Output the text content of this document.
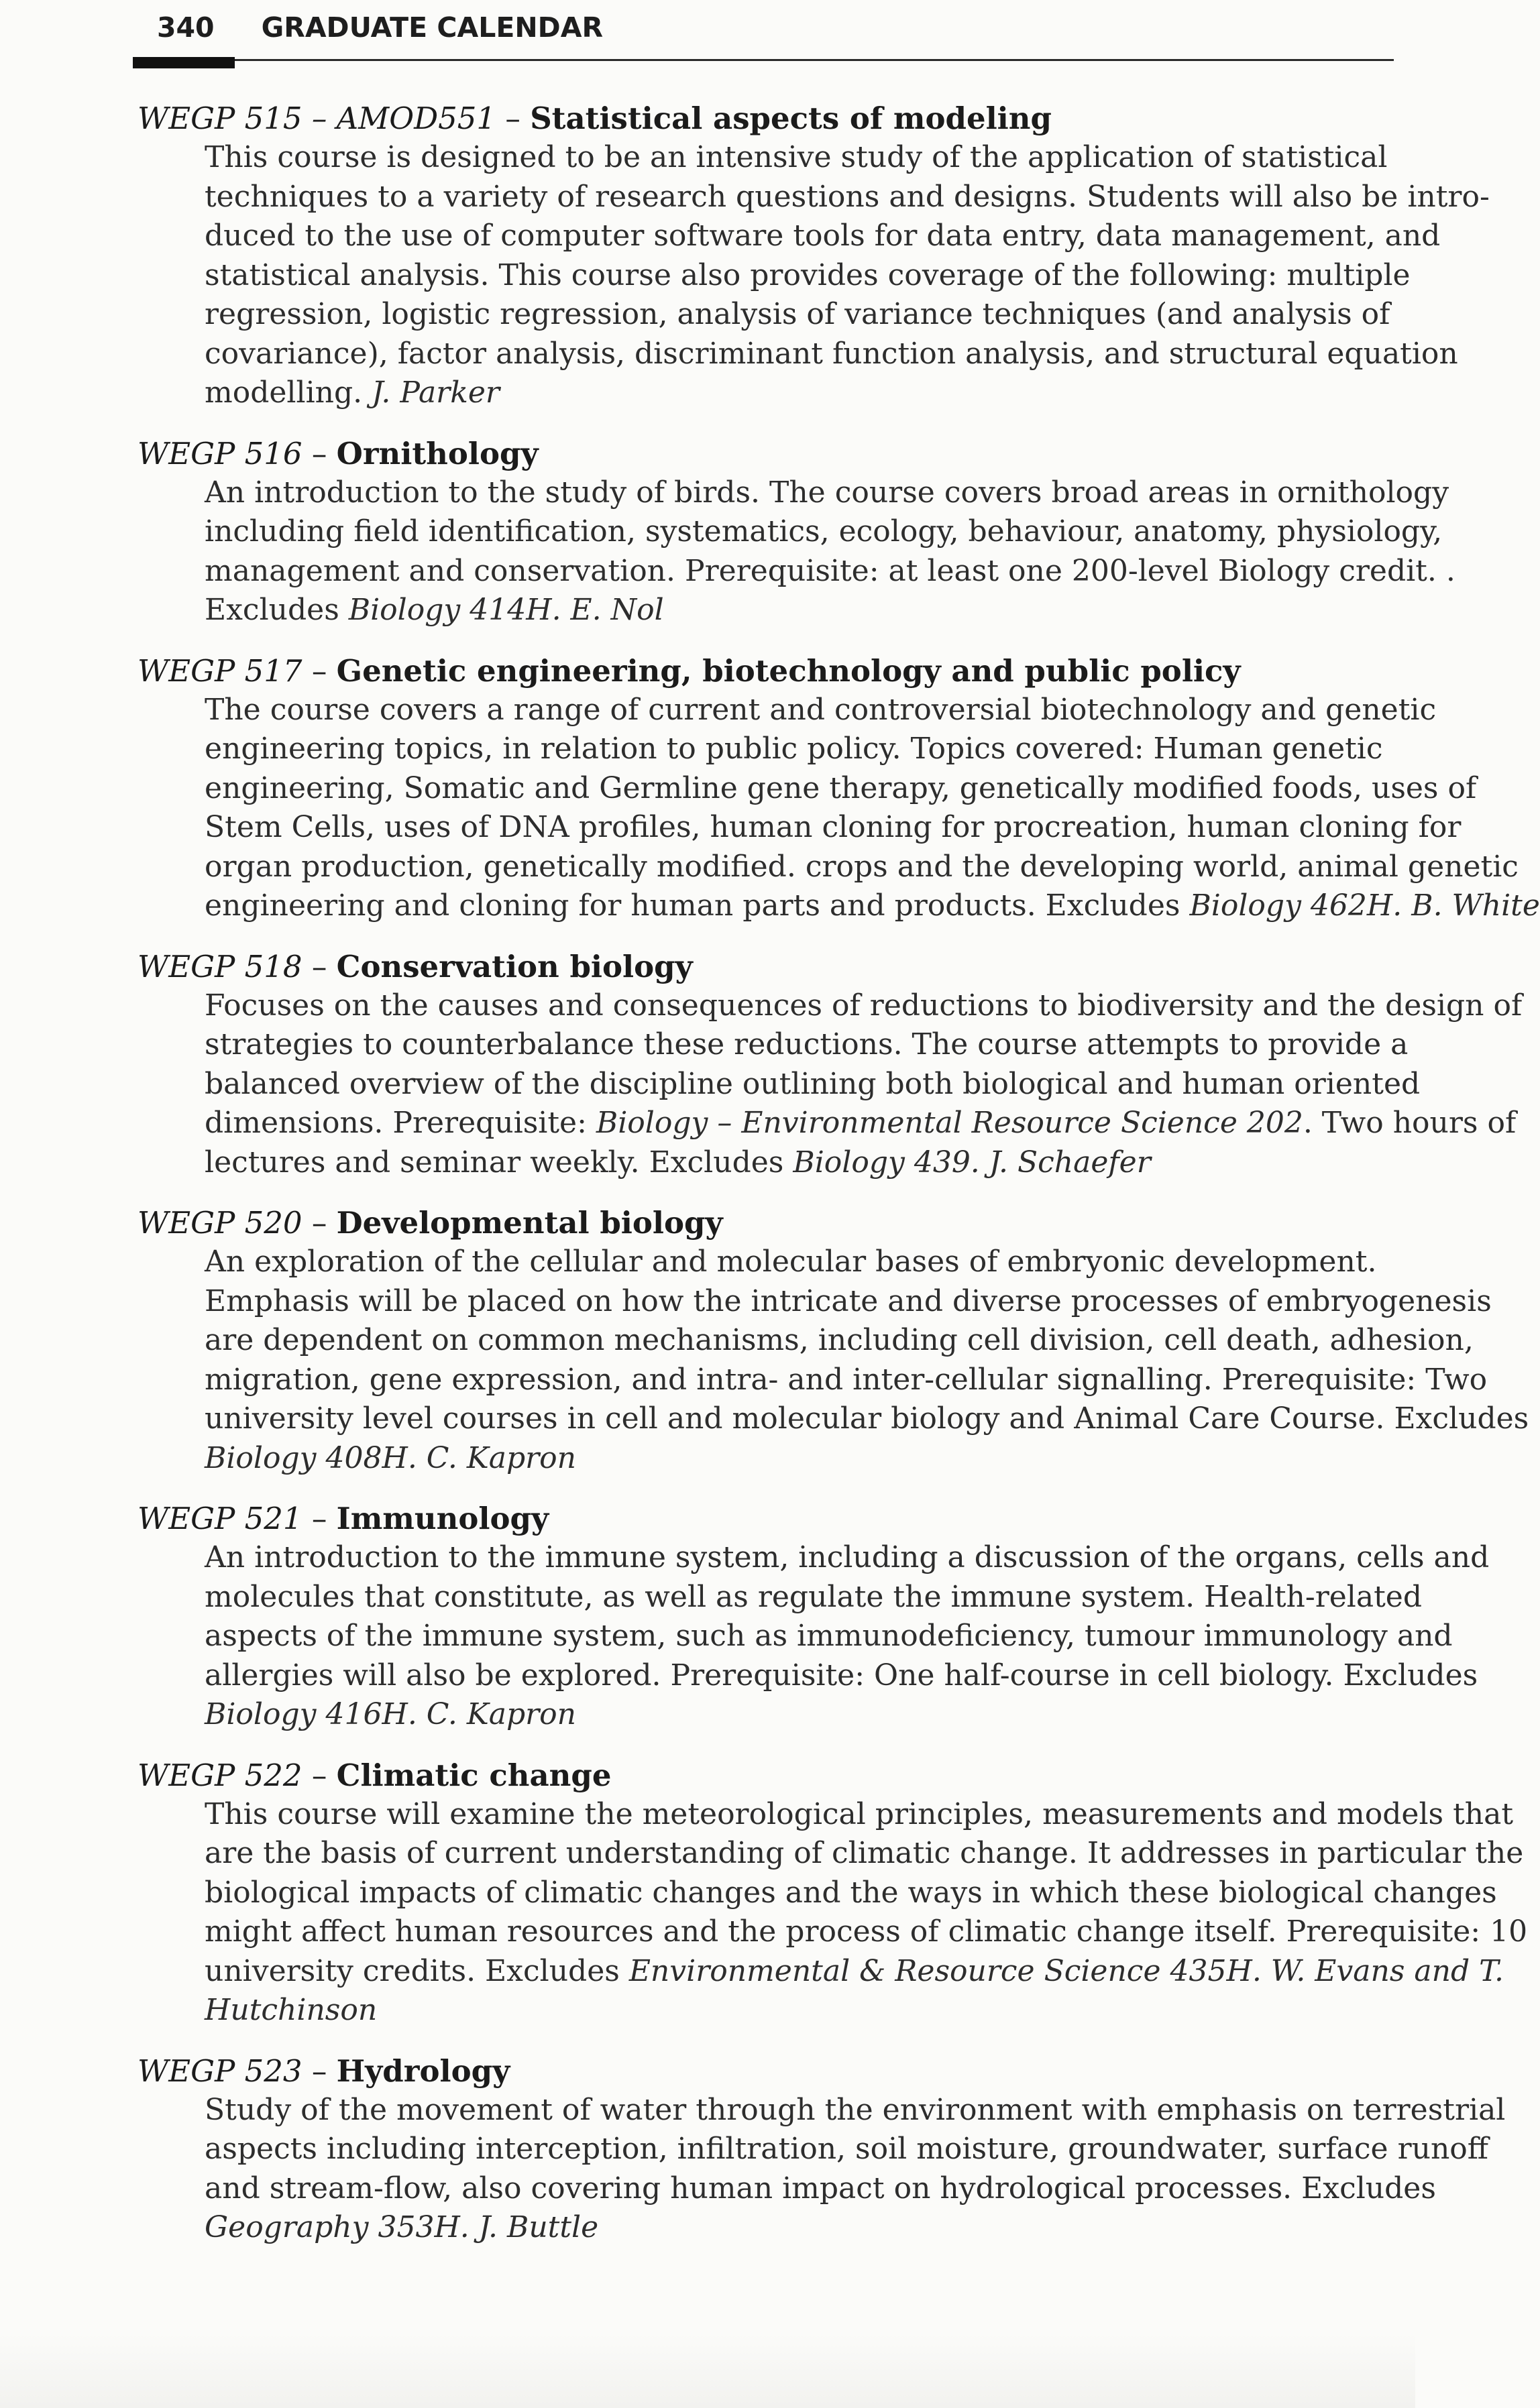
340 GRADUATE CALENDAR
WEGP 515 – AMOD551 – Statistical aspects of modeling
This course is designed to be an intensive study of the application of statistical
techniques to a variety of research questions and designs. Students will also be intro-
duced to the use of computer software tools for data entry, data management, and
statistical analysis. This course also provides coverage of the following: multiple
regression, logistic regression, analysis of variance techniques (and analysis of
covariance), factor analysis, discriminant function analysis, and structural equation
modelling. J. Parker
WEGP 516 – Ornithology
An introduction to the study of birds. The course covers broad areas in ornithology
including field identification, systematics, ecology, behaviour, anatomy, physiology,
management and conservation. Prerequisite: at least one 200-level Biology credit. .
Excludes Biology 414H. E. Nol
WEGP 517 – Genetic engineering, biotechnology and public policy
The course covers a range of current and controversial biotechnology and genetic
engineering topics, in relation to public policy. Topics covered: Human genetic
engineering, Somatic and Germline gene therapy, genetically modified foods, uses of
Stem Cells, uses of DNA profiles, human cloning for procreation, human cloning for
organ production, genetically modified. crops and the developing world, animal genetic
engineering and cloning for human parts and products. Excludes Biology 462H. B. White
WEGP 518 – Conservation biology
Focuses on the causes and consequences of reductions to biodiversity and the design of
strategies to counterbalance these reductions. The course attempts to provide a
balanced overview of the discipline outlining both biological and human oriented
dimensions. Prerequisite: Biology – Environmental Resource Science 202. Two hours of
lectures and seminar weekly. Excludes Biology 439. J. Schaefer
WEGP 520 – Developmental biology
An exploration of the cellular and molecular bases of embryonic development.
Emphasis will be placed on how the intricate and diverse processes of embryogenesis
are dependent on common mechanisms, including cell division, cell death, adhesion,
migration, gene expression, and intra- and inter-cellular signalling. Prerequisite: Two
university level courses in cell and molecular biology and Animal Care Course. Excludes
Biology 408H. C. Kapron
WEGP 521 – Immunology
An introduction to the immune system, including a discussion of the organs, cells and
molecules that constitute, as well as regulate the immune system. Health-related
aspects of the immune system, such as immunodeficiency, tumour immunology and
allergies will also be explored. Prerequisite: One half-course in cell biology. Excludes
Biology 416H. C. Kapron
WEGP 522 – Climatic change
This course will examine the meteorological principles, measurements and models that
are the basis of current understanding of climatic change. It addresses in particular the
biological impacts of climatic changes and the ways in which these biological changes
might affect human resources and the process of climatic change itself. Prerequisite: 10
university credits. Excludes Environmental & Resource Science 435H. W. Evans and T.
Hutchinson
WEGP 523 – Hydrology
Study of the movement of water through the environment with emphasis on terrestrial
aspects including interception, infiltration, soil moisture, groundwater, surface runoff
and stream-flow, also covering human impact on hydrological processes. Excludes
Geography 353H. J. Buttle
